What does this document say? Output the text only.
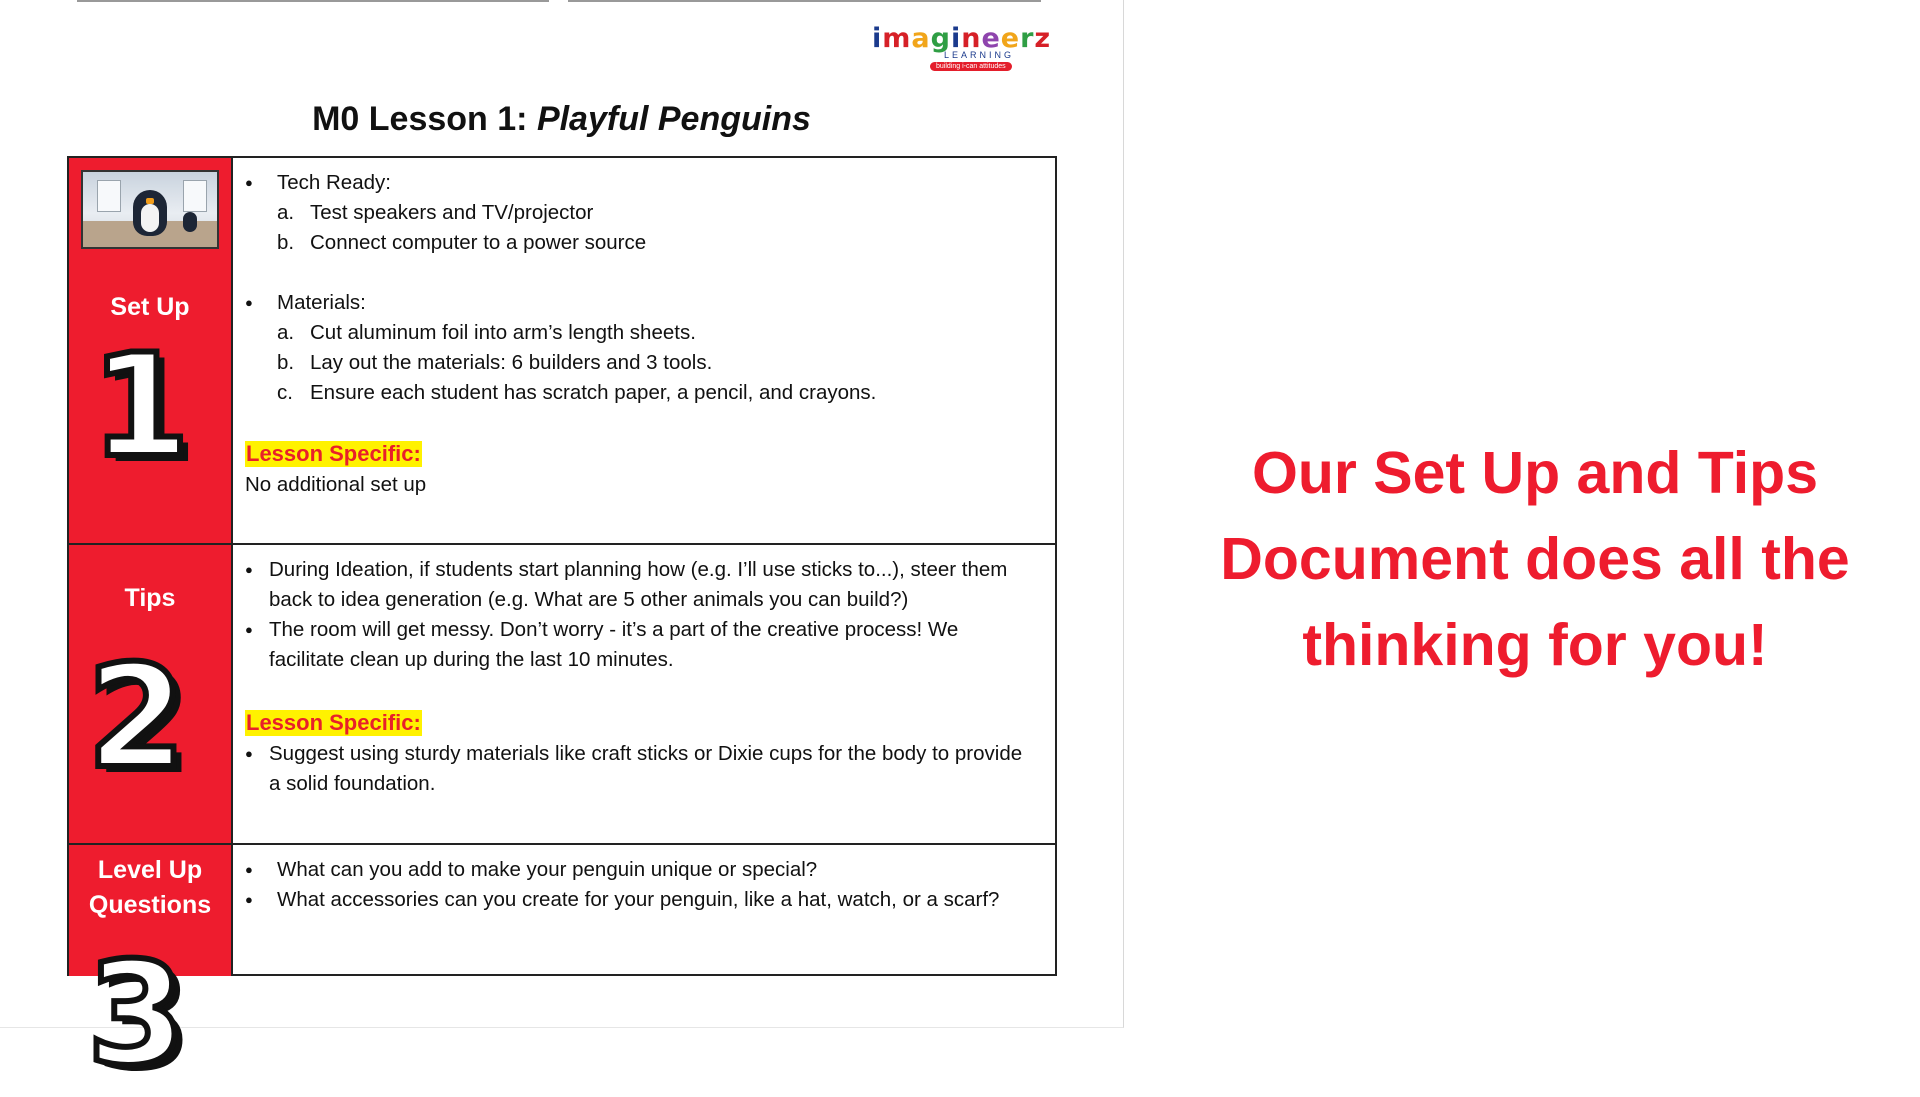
imagineerz
LEARNING
building i-can attitudes
M0 Lesson 1: Playful Penguins
Set Up
1
● Tech Ready:
a. Test speakers and TV/projector
b. Connect computer to a power source
● Materials:
a. Cut aluminum foil into arm’s length sheets.
b. Lay out the materials: 6 builders and 3 tools.
c. Ensure each student has scratch paper, a pencil, and crayons.
Lesson Specific:
No additional set up
Tips
2
● During Ideation, if students start planning how (e.g. I’ll use sticks to...), steer them back to idea generation (e.g. What are 5 other animals you can build?)
● The room will get messy. Don’t worry - it’s a part of the creative process! We facilitate clean up during the last 10 minutes.
Lesson Specific:
● Suggest using sturdy materials like craft sticks or Dixie cups for the body to provide a solid foundation.
Level Up
Questions
● What can you add to make your penguin unique or special?
● What accessories can you create for your penguin, like a hat, watch, or a scarf?
3

Our Set Up and Tips
Document does all the
thinking for you!
